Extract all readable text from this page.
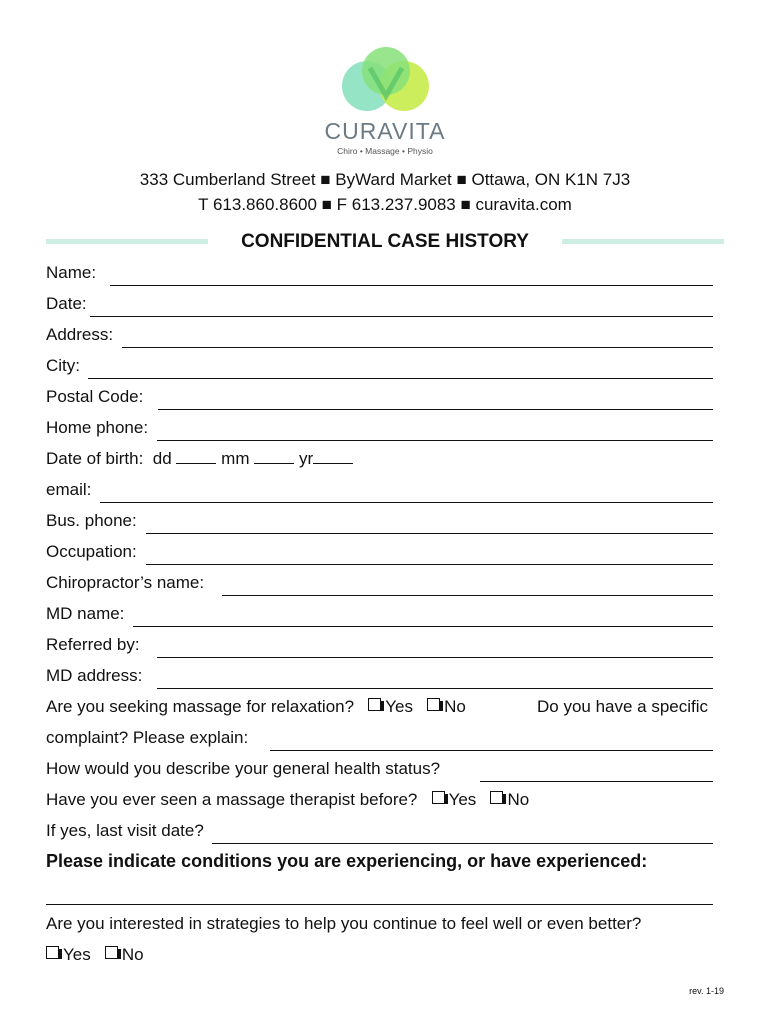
CURAVITA
Chiro • Massage • Physio
333 Cumberland Street ■ ByWard Market ■ Ottawa, ON K1N 7J3
T 613.860.8600 ■ F 613.237.9083 ■ curavita.com
CONFIDENTIAL CASE HISTORY
Name:
Date:
Address:
City:
Postal Code:
Home phone:
Date of birth: dd	mm	yr
email:
Bus. phone:
Occupation:
Chiropractor’s name:
MD name:
Referred by:
MD address:
Are you seeking massage for relaxation? Yes No	Do you have a specific
complaint? Please explain:
How would you describe your general health status?
Have you ever seen a massage therapist before? Yes No
If yes, last visit date?
Please indicate conditions you are experiencing, or have experienced:
Are you interested in strategies to help you continue to feel well or even better?
Yes No
rev. 1-19
